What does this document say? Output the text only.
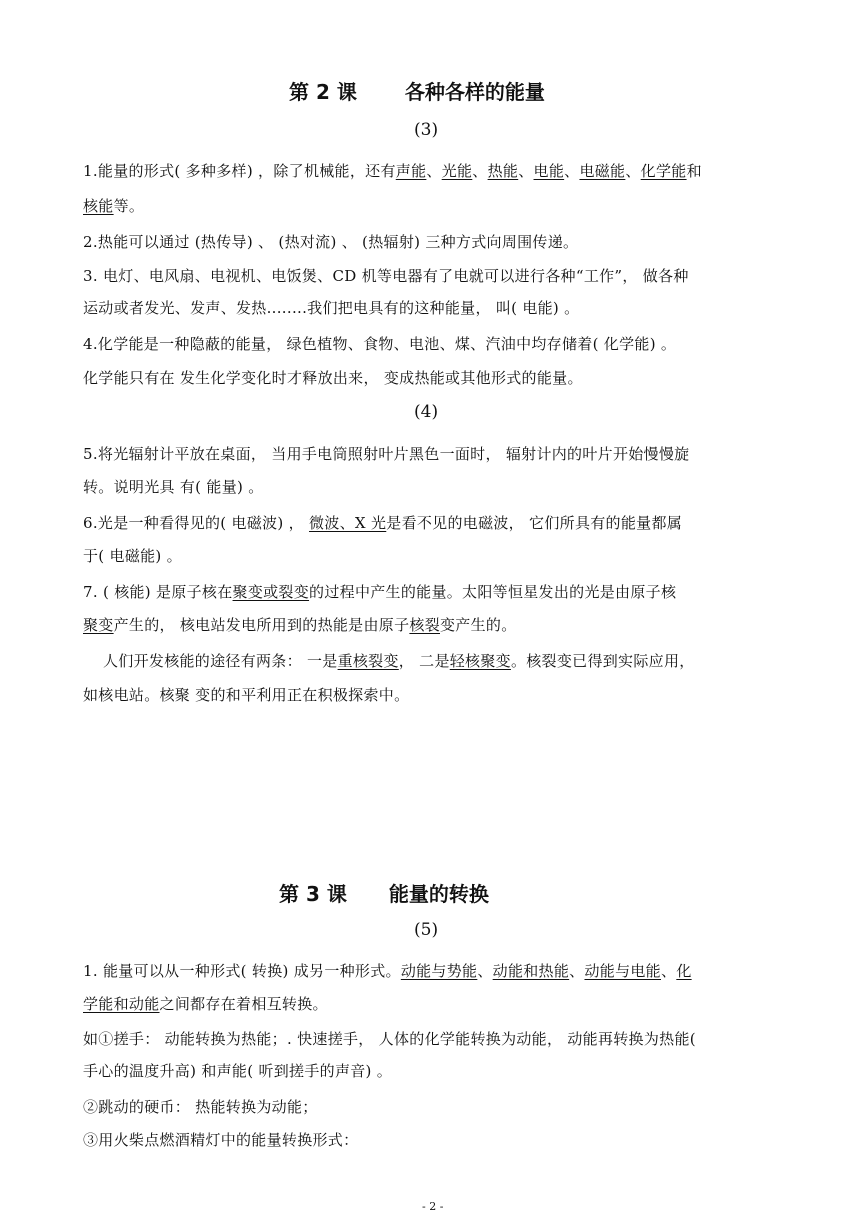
第 2 课 各种各样的能量
(3)
1.能量的形式( 多种多样) ，除了机械能，还有声能、光能、热能、电能、电磁能、化学能和
核能等。
2.热能可以通过 (热传导) 、 (热对流) 、 (热辐射) 三种方式向周围传递。
3. 电灯、电风扇、电视机、电饭煲、CD 机等电器有了电就可以进行各种“工作”， 做各种
运动或者发光、发声、发热........我们把电具有的这种能量， 叫( 电能) 。
4.化学能是一种隐蔽的能量， 绿色植物、食物、电池、煤、汽油中均存储着( 化学能) 。
化学能只有在 发生化学变化时才释放出来， 变成热能或其他形式的能量。
(4)
5.将光辐射计平放在桌面， 当用手电筒照射叶片黑色一面时， 辐射计内的叶片开始慢慢旋
转。说明光具 有( 能量) 。
6.光是一种看得见的( 电磁波) ， 微波、X 光是看不见的电磁波， 它们所具有的能量都属
于( 电磁能) 。
7. ( 核能) 是原子核在聚变或裂变的过程中产生的能量。太阳等恒星发出的光是由原子核
聚变产生的， 核电站发电所用到的热能是由原子核裂变产生的。
人们开发核能的途径有两条： 一是重核裂变， 二是轻核聚变。核裂变已得到实际应用，
如核电站。核聚 变的和平利用正在积极探索中。
第 3 课 能量的转换
(5)
1. 能量可以从一种形式( 转换) 成另一种形式。动能与势能、动能和热能、动能与电能、化
学能和动能之间都存在着相互转换。
如①搓手： 动能转换为热能；. 快速搓手， 人体的化学能转换为动能， 动能再转换为热能(
手心的温度升高) 和声能( 听到搓手的声音) 。
②跳动的硬币： 热能转换为动能；
③用火柴点燃酒精灯中的能量转换形式：
- 2 -
